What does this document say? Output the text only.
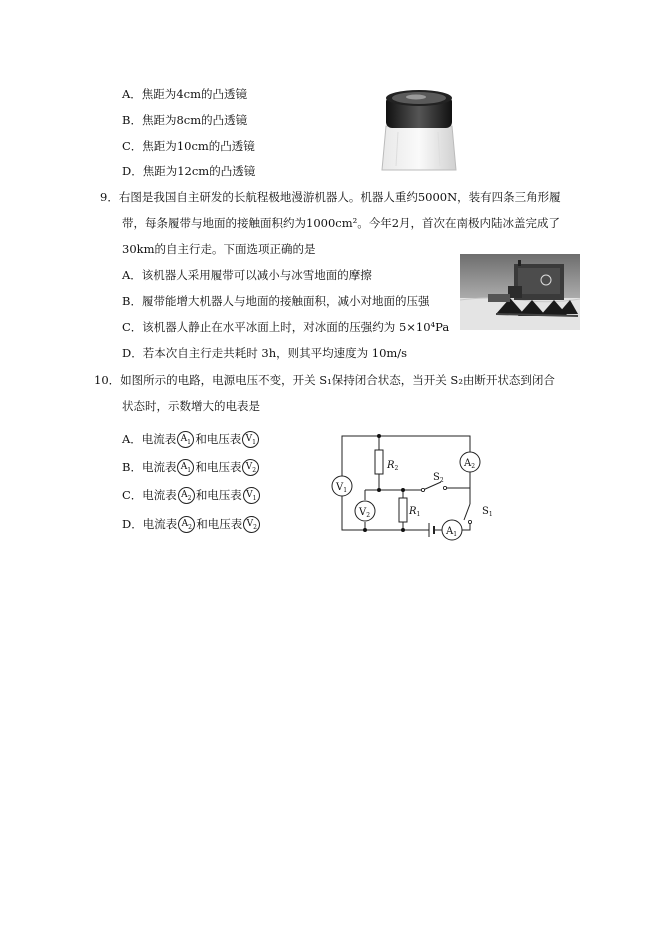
A．焦距为4cm的凸透镜
B．焦距为8cm的凸透镜
C．焦距为10cm的凸透镜
D．焦距为12cm的凸透镜
9．右图是我国自主研发的长航程极地漫游机器人。机器人重约5000N，装有四条三角形履
带，每条履带与地面的接触面积约为1000cm²。今年2月，首次在南极内陆冰盖完成了
30km的自主行走。下面选项正确的是
A．该机器人采用履带可以减小与冰雪地面的摩擦
B．履带能增大机器人与地面的接触面积，减小对地面的压强
C．该机器人静止在水平冰面上时，对冰面的压强约为 5×10⁴Pa
D．若本次自主行走共耗时 3h，则其平均速度为 10m/s
10．如图所示的电路，电源电压不变，开关 S₁保持闭合状态，当开关 S₂由断开状态到闭合
状态时，示数增大的电表是
A．电流表 $A_1$ 和电压表 $V_1$
B．电流表 $A_1$ 和电压表 $V_2$
C．电流表 $A_2$ 和电压表 $V_1$
D．电流表 $A_2$ 和电压表 $V_2$
$V_1$
$V_2$
$A_1$
$A_2$
$R_2$
$R_1$
$S_2$
$S_1$
